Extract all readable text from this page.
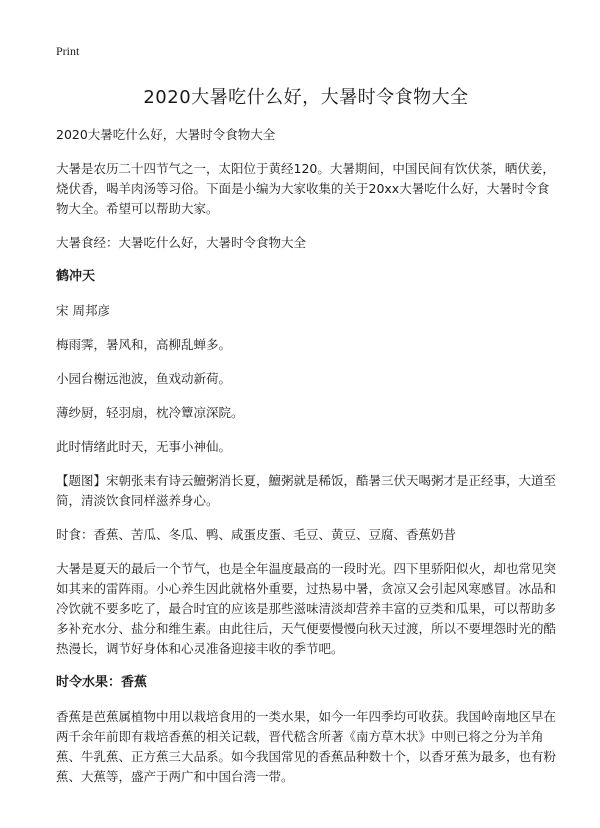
Print
2020大暑吃什么好，大暑时令食物大全

2020大暑吃什么好，大暑时令食物大全

大暑是农历二十四节气之一，太阳位于黄经120。大暑期间，中国民间有饮伏茶，晒伏姜，烧伏香，喝羊肉汤等习俗。下面是小编为大家收集的关于20xx大暑吃什么好，大暑时令食物大全。希望可以帮助大家。

大暑食经：大暑吃什么好，大暑时令食物大全

鹤冲天

宋 周邦彦

梅雨霁，暑风和，高柳乱蝉多。

小园台榭远池波，鱼戏动新荷。

薄纱厨，轻羽扇，枕冷簟凉深院。

此时情绪此时天，无事小神仙。

【题图】宋朝张耒有诗云鱣粥消长夏，鱣粥就是稀饭，酷暑三伏天喝粥才是正经事，大道至简，清淡饮食同样滋养身心。

时食：香蕉、苦瓜、冬瓜、鸭、咸蛋皮蛋、毛豆、黄豆、豆腐、香蕉奶昔

大暑是夏天的最后一个节气，也是全年温度最高的一段时光。四下里骄阳似火，却也常见突如其来的雷阵雨。小心养生因此就格外重要，过热易中暑，贪凉又会引起风寒感冒。冰品和冷饮就不要多吃了，最合时宜的应该是那些滋味清淡却营养丰富的豆类和瓜果，可以帮助多多补充水分、盐分和维生素。由此往后，天气便要慢慢向秋天过渡，所以不要埋怨时光的酷热漫长，调节好身体和心灵准备迎接丰收的季节吧。

时令水果：香蕉

香蕉是芭蕉属植物中用以栽培食用的一类水果，如今一年四季均可收获。我国岭南地区早在两千余年前即有栽培香蕉的相关记载，晋代嵇含所著《南方草木状》中则已将之分为羊角蕉、牛乳蕉、正方蕉三大品系。如今我国常见的香蕉品种数十个，以香牙蕉为最多，也有粉蕉、大蕉等，盛产于两广和中国台湾一带。
